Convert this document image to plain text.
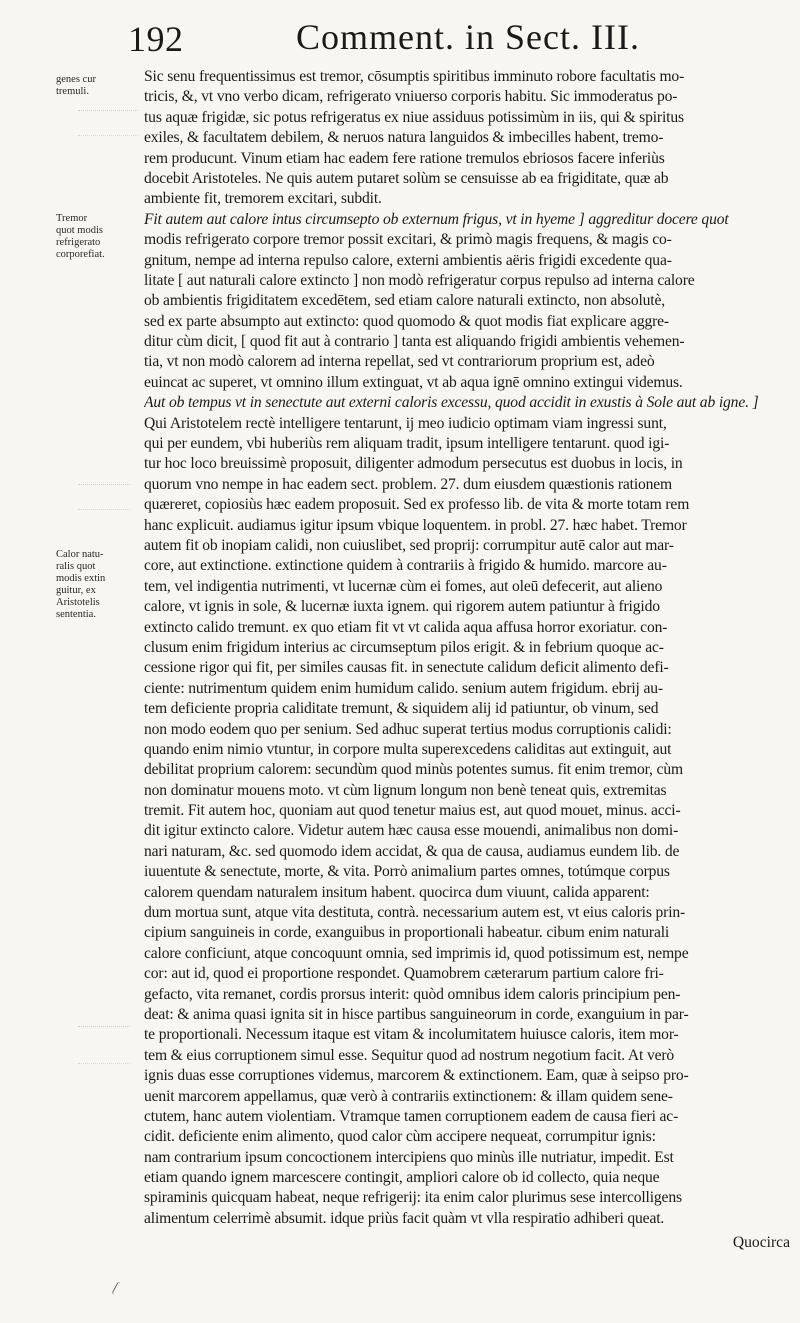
192	Comment. in Sect. III.
genes cur
tremuli.
Tremor
quot modis
refrigerato
corporefiat.
Calor natu-
ralis quot
modis extin
guitur, ex
Aristotelis
sententia.
Sic senu frequentissimus est tremor, cōsumptis spiritibus imminuto robore facultatis mo-
tricis, &, vt vno verbo dicam, refrigerato vniuerso corporis habitu. Sic immoderatus po-
tus aquæ frigidæ, sic potus refrigeratus ex niue assiduus potissimùm in iis, qui & spiritus
exiles, & facultatem debilem, & neruos natura languidos & imbecilles habent, tremo-
rem producunt. Vinum etiam hac eadem fere ratione tremulos ebriosos facere inferiùs
docebit Aristoteles. Ne quis autem putaret solùm se censuisse ab ea frigiditate, quæ ab
ambiente fit, tremorem excitari, subdit.
Fit autem aut calore intus circumsepto ob externum frigus, vt in hyeme ] aggreditur docere quot
modis refrigerato corpore tremor possit excitari, & primò magis frequens, & magis co-
gnitum, nempe ad interna repulso calore, externi ambientis aëris frigidi excedente qua-
litate [ aut naturali calore extincto ] non modò refrigeratur corpus repulso ad interna calore
ob ambientis frigiditatem excedētem, sed etiam calore naturali extincto, non absolutè,
sed ex parte absumpto aut extincto: quod quomodo & quot modis fiat explicare aggre-
ditur cùm dicit, [ quod fit aut à contrario ] tanta est aliquando frigidi ambientis vehemen-
tia, vt non modò calorem ad interna repellat, sed vt contrariorum proprium est, adeò
euincat ac superet, vt omnino illum extinguat, vt ab aqua ignē omnino extingui videmus.
Aut ob tempus vt in senectute aut externi caloris excessu, quod accidit in exustis à Sole aut ab igne. ]
Qui Aristotelem rectè intelligere tentarunt, ij meo iudicio optimam viam ingressi sunt,
qui per eundem, vbi huberiùs rem aliquam tradit, ipsum intelligere tentarunt. quod igi-
tur hoc loco breuissimè proposuit, diligenter admodum persecutus est duobus in locis, in
quorum vno nempe in hac eadem sect. problem. 27. dum eiusdem quæstionis rationem
quæreret, copiosiùs hæc eadem proposuit. Sed ex professo lib. de vita & morte totam rem
hanc explicuit. audiamus igitur ipsum vbique loquentem. in probl. 27. hæc habet. Tremor
autem fit ob inopiam calidi, non cuiuslibet, sed proprij: corrumpitur autē calor aut mar-
core, aut extinctione. extinctione quidem à contrariis à frigido & humido. marcore au-
tem, vel indigentia nutrimenti, vt lucernæ cùm ei fomes, aut oleū defecerit, aut alieno
calore, vt ignis in sole, & lucernæ iuxta ignem. qui rigorem autem patiuntur à frigido
extincto calido tremunt. ex quo etiam fit vt vt calida aqua affusa horror exoriatur. con-
clusum enim frigidum interius ac circumseptum pilos erigit. & in febrium quoque ac-
cessione rigor qui fit, per similes causas fit. in senectute calidum deficit alimento defi-
ciente: nutrimentum quidem enim humidum calido. senium autem frigidum. ebrij au-
tem deficiente propria caliditate tremunt, & siquidem alij id patiuntur, ob vinum, sed
non modo eodem quo per senium. Sed adhuc superat tertius modus corruptionis calidi:
quando enim nimio vtuntur, in corpore multa superexcedens caliditas aut extinguit, aut
debilitat proprium calorem: secundùm quod minùs potentes sumus. fit enim tremor, cùm
non dominatur mouens moto. vt cùm lignum longum non benè teneat quis, extremitas
tremit. Fit autem hoc, quoniam aut quod tenetur maius est, aut quod mouet, minus. acci-
dit igitur extincto calore. Videtur autem hæc causa esse mouendi, animalibus non domi-
nari naturam, &c. sed quomodo idem accidat, & qua de causa, audiamus eundem lib. de
iuuentute & senectute, morte, & vita. Porrò animalium partes omnes, totúmque corpus
calorem quendam naturalem insitum habent. quocirca dum viuunt, calida apparent:
dum mortua sunt, atque vita destituta, contrà. necessarium autem est, vt eius caloris prin-
cipium sanguineis in corde, exanguibus in proportionali habeatur. cibum enim naturali
calore conficiunt, atque concoquunt omnia, sed imprimis id, quod potissimum est, nempe
cor: aut id, quod ei proportione respondet. Quamobrem cæterarum partium calore fri-
gefacto, vita remanet, cordis prorsus interit: quòd omnibus idem caloris principium pen-
deat: & anima quasi ignita sit in hisce partibus sanguineorum in corde, exanguium in par-
te proportionali. Necessum itaque est vitam & incolumitatem huiusce caloris, item mor-
tem & eius corruptionem simul esse. Sequitur quod ad nostrum negotium facit. At verò
ignis duas esse corruptiones videmus, marcorem & extinctionem. Eam, quæ à seipso pro-
uenit marcorem appellamus, quæ verò à contrariis extinctionem: & illam quidem sene-
ctutem, hanc autem violentiam. Vtramque tamen corruptionem eadem de causa fieri ac-
cidit. deficiente enim alimento, quod calor cùm accipere nequeat, corrumpitur ignis:
nam contrarium ipsum concoctionem intercipiens quo minùs ille nutriatur, impedit. Est
etiam quando ignem marcescere contingit, ampliori calore ob id collecto, quia neque
spiraminis quicquam habeat, neque refrigerij: ita enim calor plurimus sese intercolligens
alimentum celerrimè absumit. idque priùs facit quàm vt vlla respiratio adhiberi queat.
Quocirca
